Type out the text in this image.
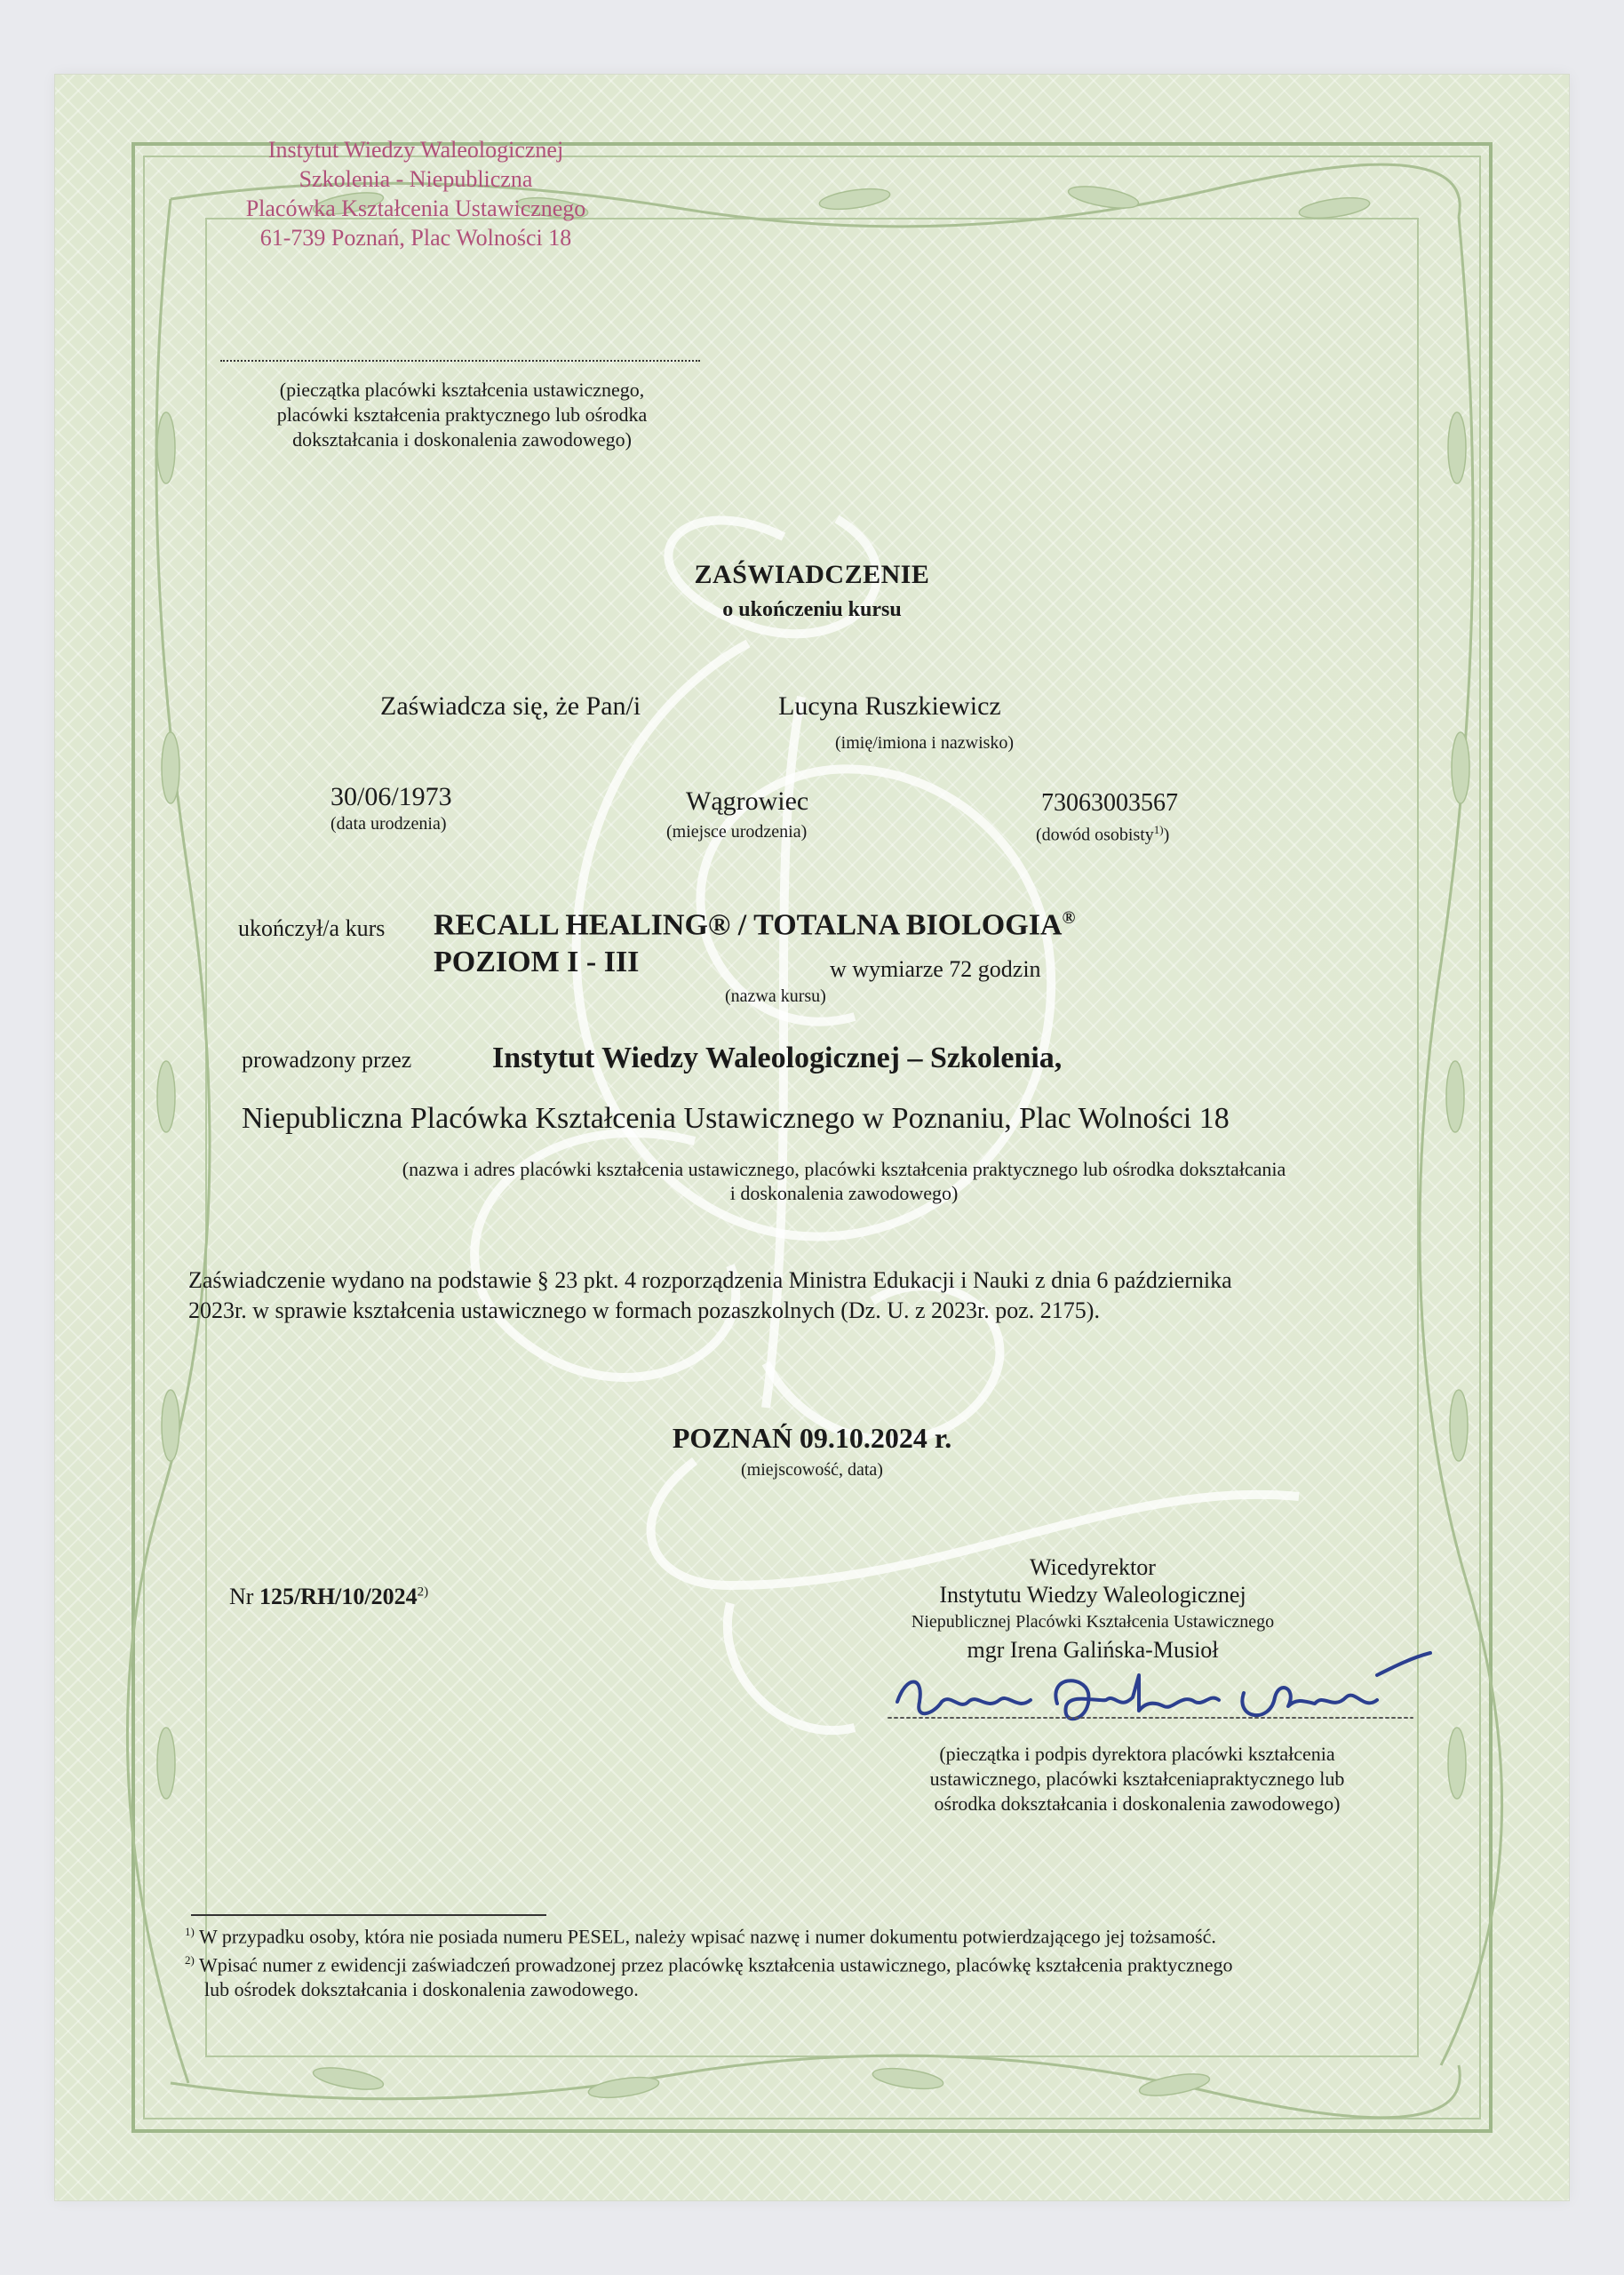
Instytut Wiedzy Waleologicznej
Szkolenia - Niepubliczna
Placówka Kształcenia Ustawicznego
61-739 Poznań, Plac Wolności 18
(pieczątka placówki kształcenia ustawicznego,
placówki kształcenia praktycznego lub ośrodka
dokształcania i doskonalenia zawodowego)
ZAŚWIADCZENIE
o ukończeniu kursu
Zaświadcza się, że Pan/i	Lucyna Ruszkiewicz
(imię/imiona i nazwisko)
30/06/1973
(data urodzenia)
Wągrowiec
(miejsce urodzenia)
73063003567
(dowód osobisty$^{1)}$)
ukończył/a kurs RECALL HEALING® / TOTALNA BIOLOGIA®
POZIOM I - III	w wymiarze 72 godzin
(nazwa kursu)
prowadzony przez	Instytut Wiedzy Waleologicznej – Szkolenia,
Niepubliczna Placówka Kształcenia Ustawicznego w Poznaniu, Plac Wolności 18
(nazwa i adres placówki kształcenia ustawicznego, placówki kształcenia praktycznego lub ośrodka dokształcania
i doskonalenia zawodowego)
Zaświadczenie wydano na podstawie § 23 pkt. 4 rozporządzenia Ministra Edukacji i Nauki z dnia 6 października
2023r. w sprawie kształcenia ustawicznego w formach pozaszkolnych (Dz. U. z 2023r. poz. 2175).
POZNAŃ 09.10.2024 r.
(miejscowość, data)
Nr 125/RH/10/2024$^{2)}$
Wicedyrektor
Instytutu Wiedzy Waleologicznej
Niepublicznej Placówki Kształcenia Ustawicznego
mgr Irena Galińska-Musioł
(pieczątka i podpis dyrektora placówki kształcenia
ustawicznego, placówki kształceniapraktycznego lub
ośrodka dokształcania i doskonalenia zawodowego)
$^{1)}$ W przypadku osoby, która nie posiada numeru PESEL, należy wpisać nazwę i numer dokumentu potwierdzającego jej tożsamość.
$^{2)}$ Wpisać numer z ewidencji zaświadczeń prowadzonej przez placówkę kształcenia ustawicznego, placówkę kształcenia praktycznego
lub ośrodek dokształcania i doskonalenia zawodowego.
